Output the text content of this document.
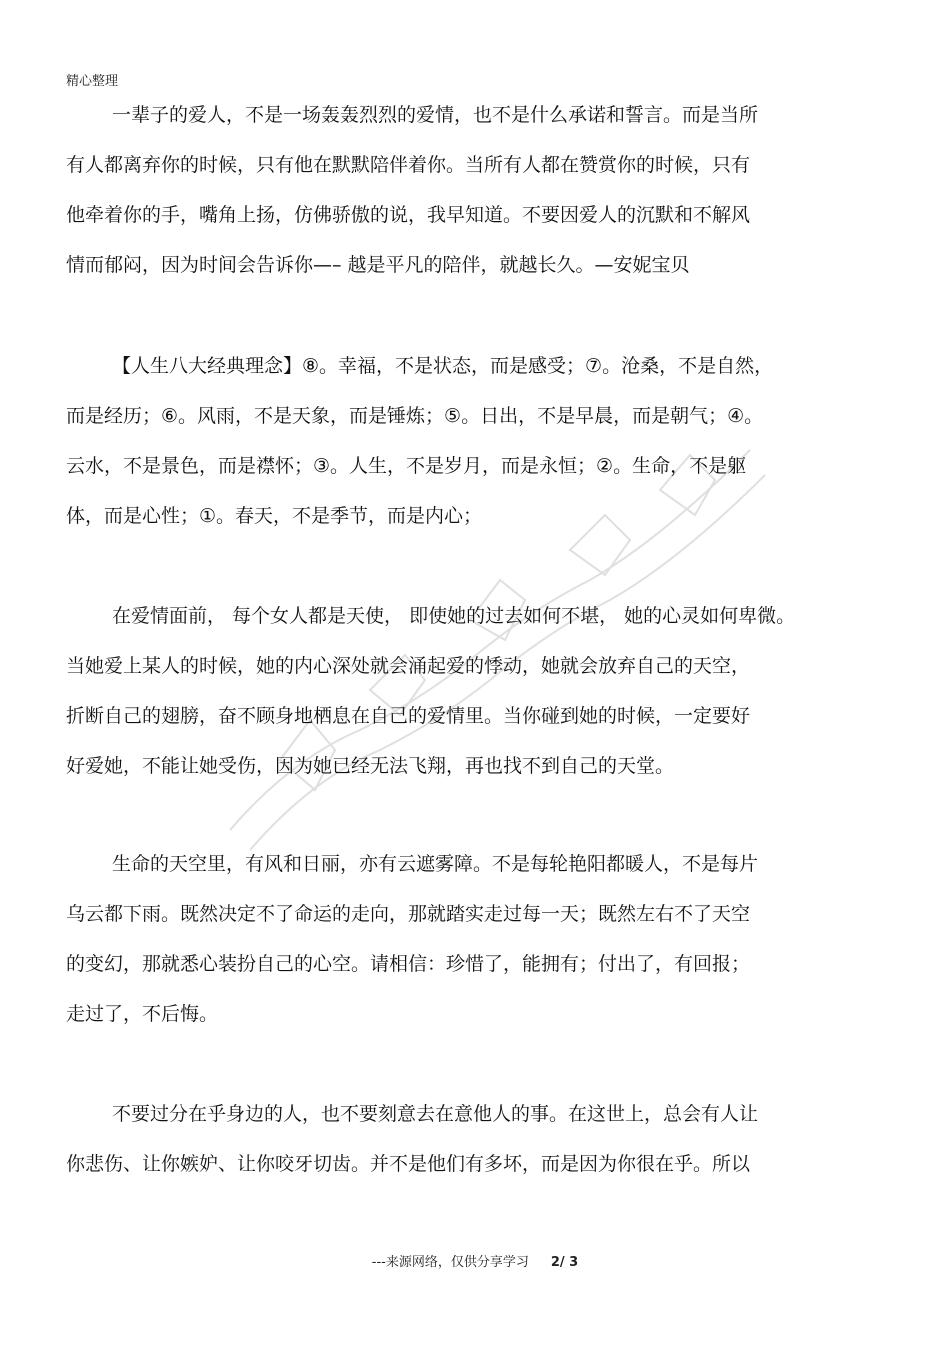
精心整理
一辈子的爱人，不是一场轰轰烈烈的爱情，也不是什么承诺和誓言。而是当所
有人都离弃你的时候，只有他在默默陪伴着你。当所有人都在赞赏你的时候，只有
他牵着你的手，嘴角上扬，仿佛骄傲的说，我早知道。不要因爱人的沉默和不解风
情而郁闷，因为时间会告诉你—– 越是平凡的陪伴，就越长久。—安妮宝贝
【人生八大经典理念】⑧。幸福，不是状态，而是感受；⑦。沧桑，不是自然，
而是经历；⑥。风雨，不是天象，而是锤炼；⑤。日出，不是早晨，而是朝气；④。
云水，不是景色，而是襟怀；③。人生，不是岁月，而是永恒；②。生命，不是躯
体，而是心性；①。春天，不是季节，而是内心；
在爱情面前， 每个女人都是天使， 即使她的过去如何不堪， 她的心灵如何卑微。
当她爱上某人的时候，她的内心深处就会涌起爱的悸动，她就会放弃自己的天空，
折断自己的翅膀，奋不顾身地栖息在自己的爱情里。当你碰到她的时候，一定要好
好爱她，不能让她受伤，因为她已经无法飞翔，再也找不到自己的天堂。
生命的天空里，有风和日丽，亦有云遮雾障。不是每轮艳阳都暖人，不是每片
乌云都下雨。既然决定不了命运的走向，那就踏实走过每一天；既然左右不了天空
的变幻，那就悉心装扮自己的心空。请相信：珍惜了，能拥有；付出了，有回报；
走过了，不后悔。
不要过分在乎身边的人，也不要刻意去在意他人的事。在这世上，总会有人让
你悲伤、让你嫉妒、让你咬牙切齿。并不是他们有多坏，而是因为你很在乎。所以
---来源网络，仅供分享学习 2/ 3
